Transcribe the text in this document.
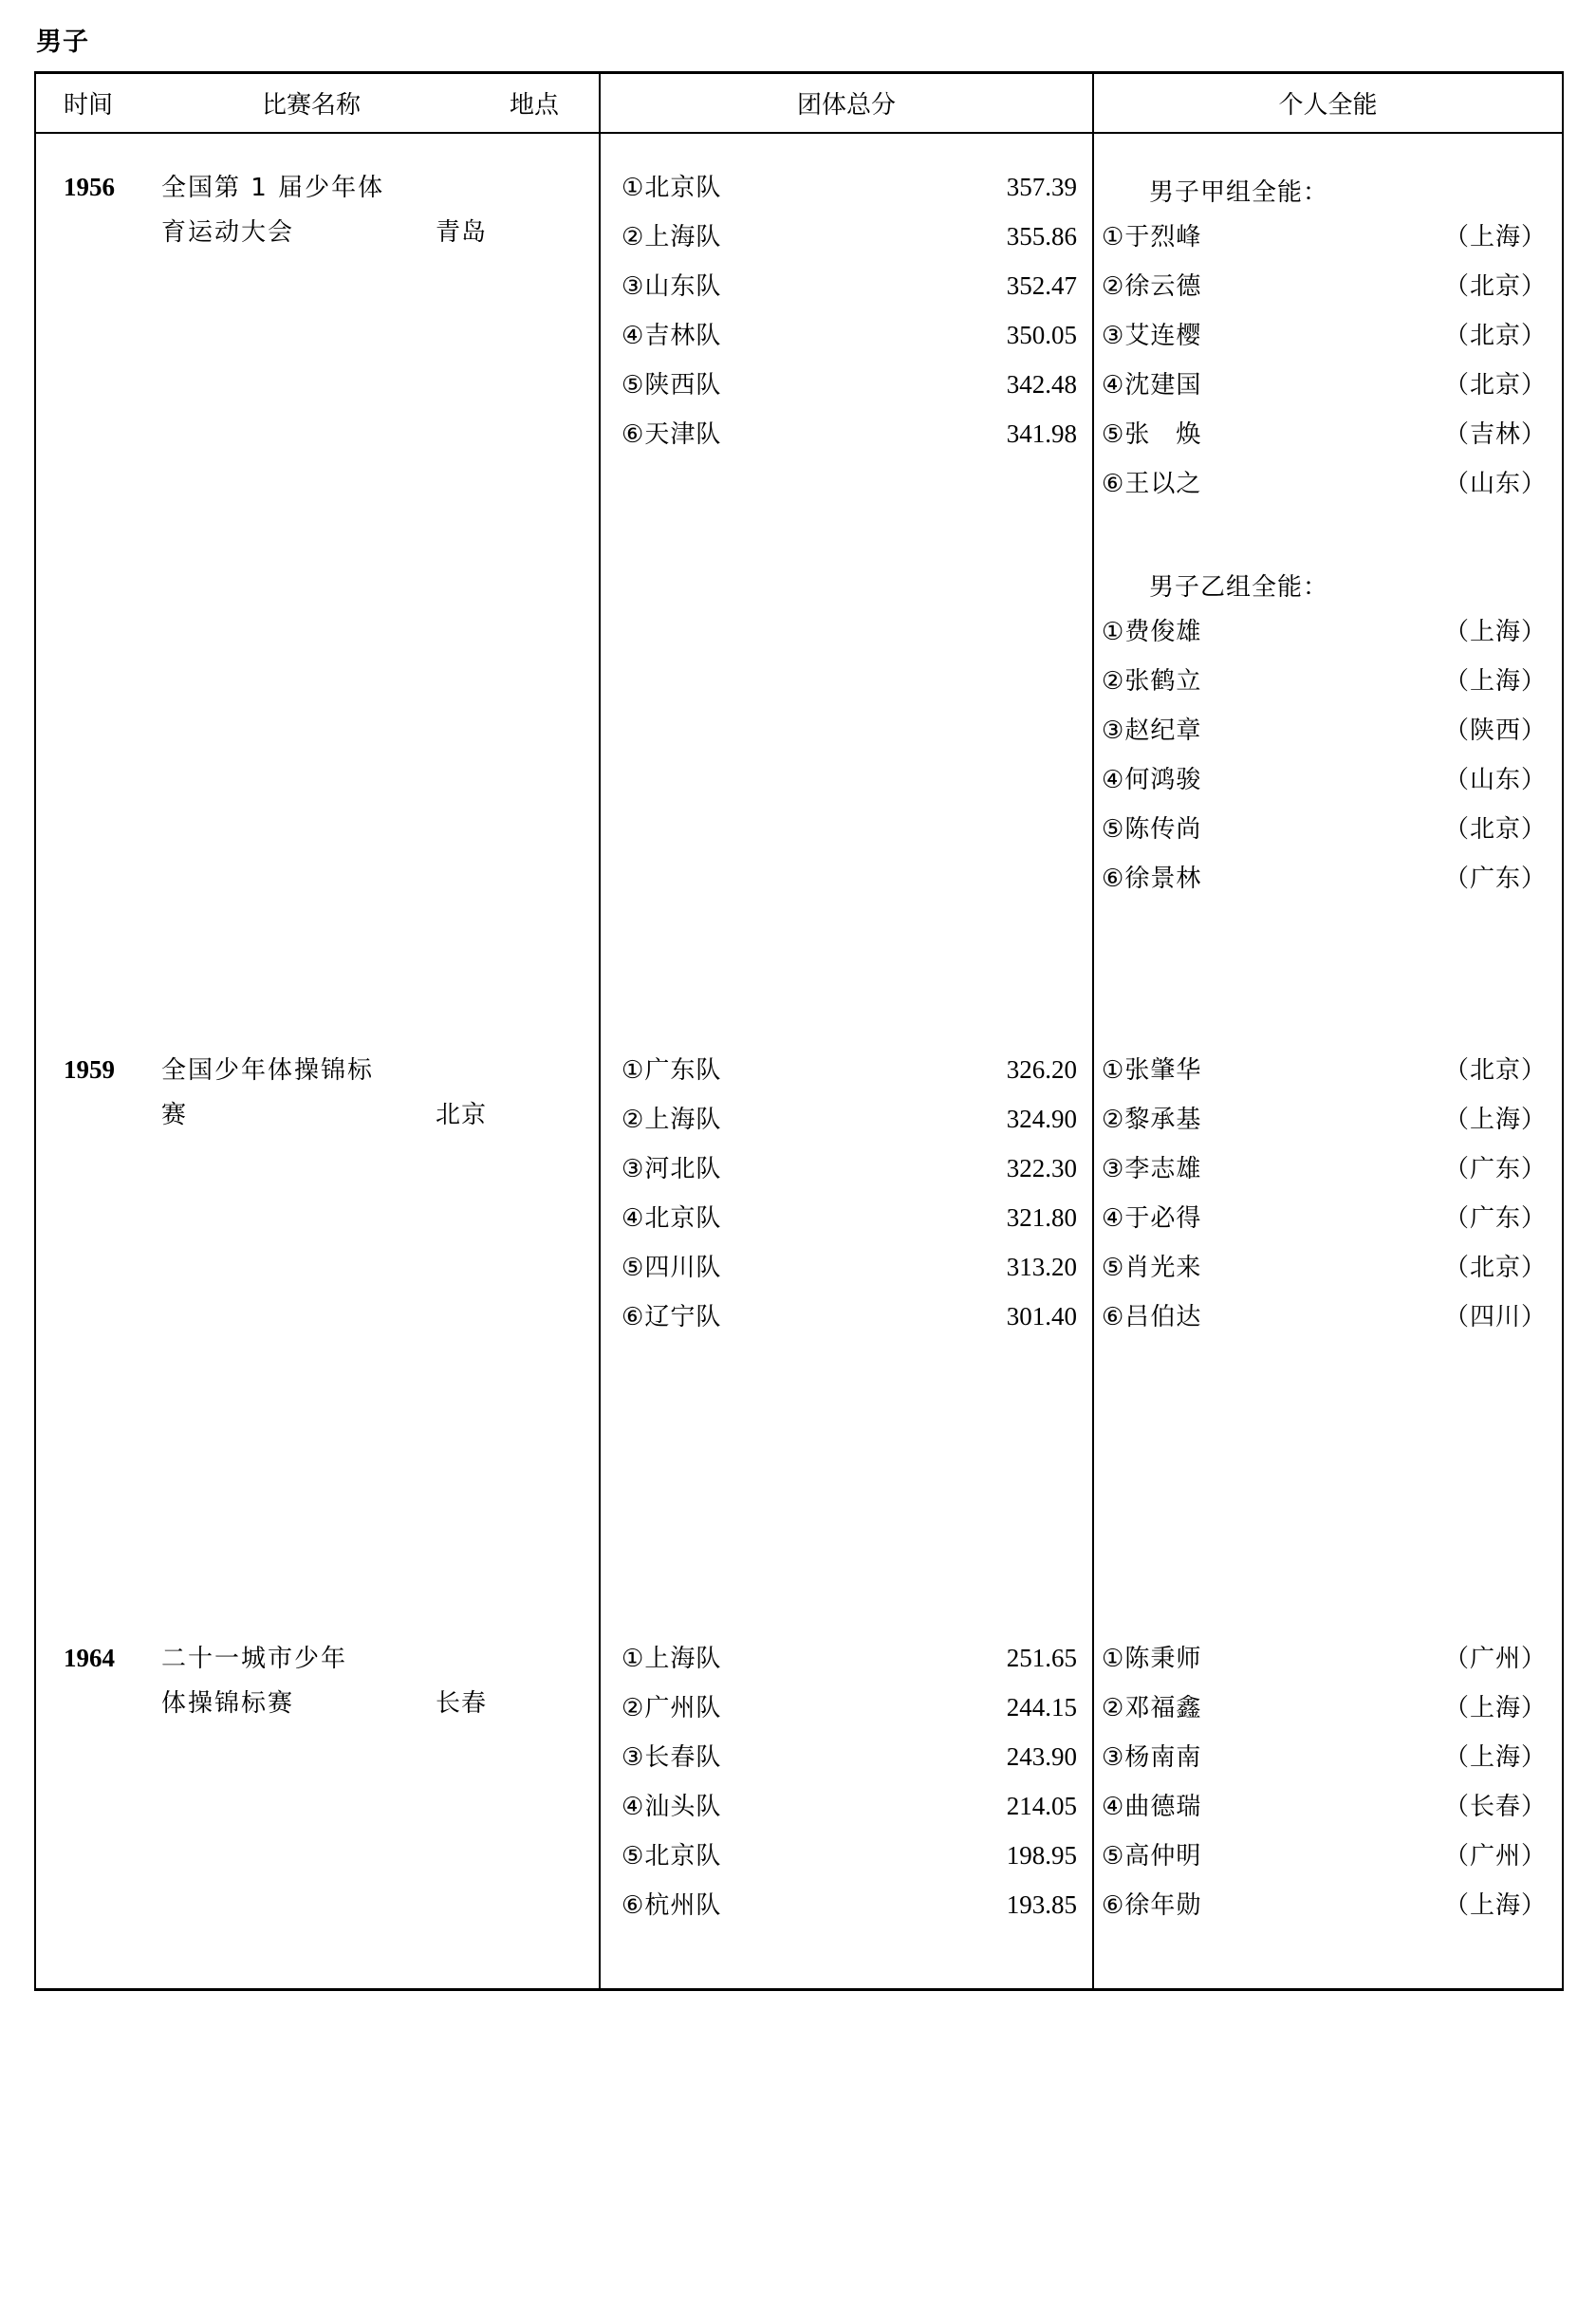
男子
时间 比赛名称 地点	团体总分	个人全能

1956	全国第 1 届少年体
育运动大会	青岛

①北京队	357.39
②上海队	355.86
③山东队	352.47
④吉林队	350.05
⑤陕西队	342.48
⑥天津队	341.98

男子甲组全能：
①于烈峰	（上海）
②徐云德	（北京）
③艾连樱	（北京）
④沈建国	（北京）
⑤张　焕	（吉林）
⑥王以之	（山东）
男子乙组全能：
①费俊雄	（上海）
②张鹤立	（上海）
③赵纪章	（陕西）
④何鸿骏	（山东）
⑤陈传尚	（北京）
⑥徐景林	（广东）

1959	全国少年体操锦标
赛	北京

①广东队	326.20
②上海队	324.90
③河北队	322.30
④北京队	321.80
⑤四川队	313.20
⑥辽宁队	301.40

①张肇华	（北京）
②黎承基	（上海）
③李志雄	（广东）
④于必得	（广东）
⑤肖光来	（北京）
⑥吕伯达	（四川）

1964	二十一城市少年
体操锦标赛	长春

①上海队	251.65
②广州队	244.15
③长春队	243.90
④汕头队	214.05
⑤北京队	198.95
⑥杭州队	193.85

①陈秉师	（广州）
②邓福鑫	（上海）
③杨南南	（上海）
④曲德瑞	（长春）
⑤高仲明	（广州）
⑥徐年勋	（上海）
